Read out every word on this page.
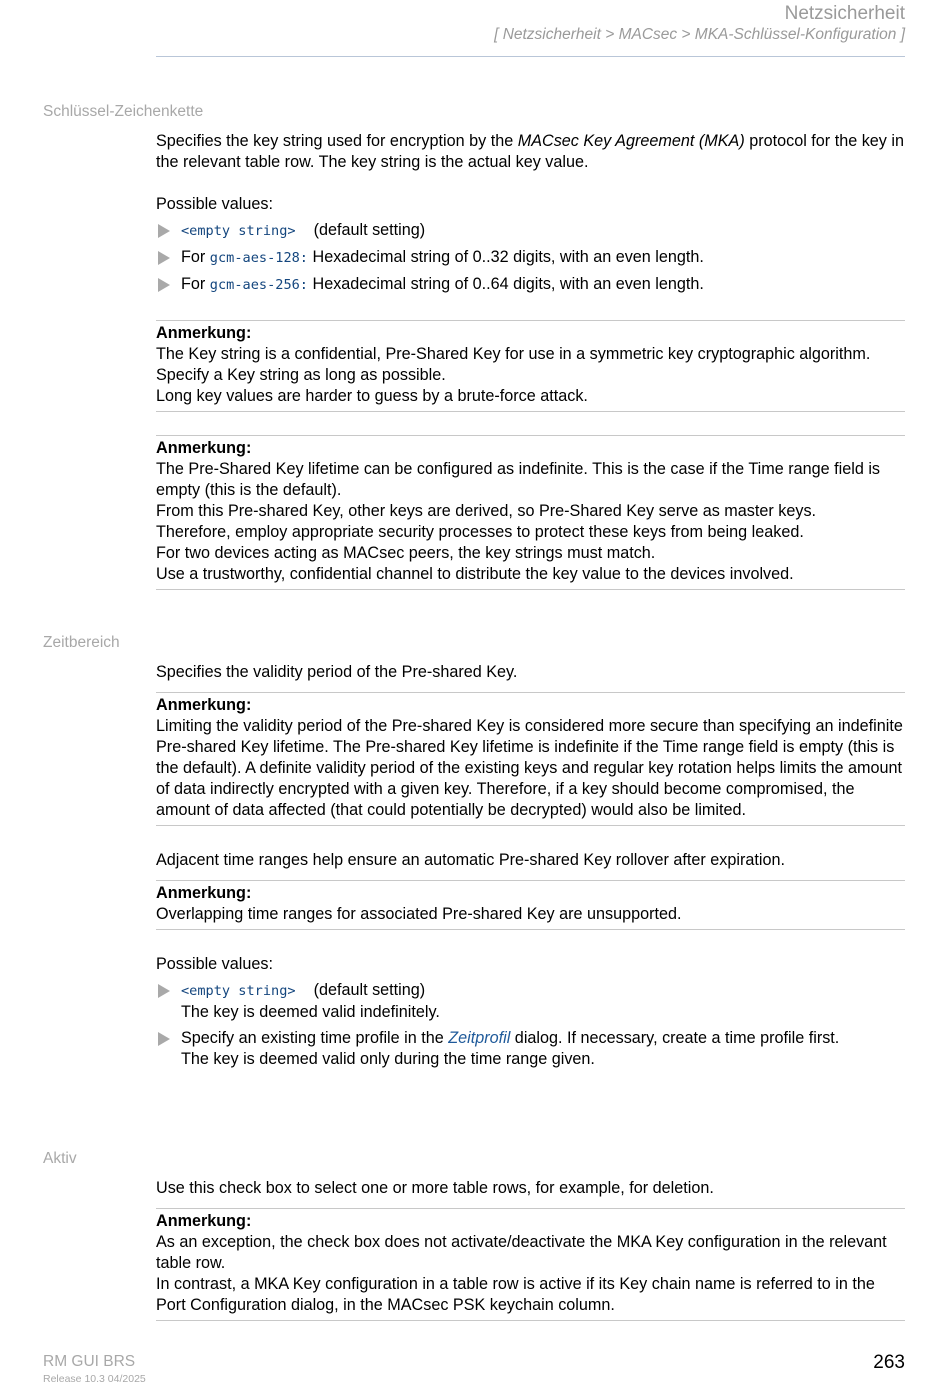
Netzsicherheit
[ Netzsicherheit > MACsec > MKA-Schlüssel-Konfiguration ]
Schlüssel-Zeichenkette

Specifies the key string used for encryption by the MACsec Key Agreement (MKA) protocol for the key in the relevant table row. The key string is the actual key value.

Possible values:

<empty string> (default setting)
For gcm-aes-128: Hexadecimal string of 0..32 digits, with an even length.
For gcm-aes-256: Hexadecimal string of 0..64 digits, with an even length.
Anmerkung:

The Key string is a confidential, Pre-Shared Key for use in a symmetric key cryptographic algorithm.

Specify a Key string as long as possible.

Long key values are harder to guess by a brute-force attack.

Anmerkung:

The Pre-Shared Key lifetime can be configured as indefinite. This is the case if the Time range field is empty (this is the default).

From this Pre-shared Key, other keys are derived, so Pre-Shared Key serve as master keys.

Therefore, employ appropriate security processes to protect these keys from being leaked.

For two devices acting as MACsec peers, the key strings must match.

Use a trustworthy, confidential channel to distribute the key value to the devices involved.

Zeitbereich

Specifies the validity period of the Pre-shared Key.

Anmerkung:

Limiting the validity period of the Pre-shared Key is considered more secure than specifying an indefinite Pre-shared Key lifetime. The Pre-shared Key lifetime is indefinite if the Time range field is empty (this is the default). A definite validity period of the existing keys and regular key rotation helps limits the amount of data indirectly encrypted with a given key. Therefore, if a key should become compromised, the amount of data affected (that could potentially be decrypted) would also be limited.

Adjacent time ranges help ensure an automatic Pre-shared Key rollover after expiration.

Anmerkung:

Overlapping time ranges for associated Pre-shared Key are unsupported.

Possible values:

<empty string> (default setting)
The key is deemed valid indefinitely.
Specify an existing time profile in the Zeitprofil dialog. If necessary, create a time profile first.
The key is deemed valid only during the time range given.
Aktiv

Use this check box to select one or more table rows, for example, for deletion.

Anmerkung:

As an exception, the check box does not activate/deactivate the MKA Key configuration in the relevant table row.

In contrast, a MKA Key configuration in a table row is active if its Key chain name is referred to in the Port Configuration dialog, in the MACsec PSK keychain column.

RM GUI BRS
Release 10.3 04/2025
263
